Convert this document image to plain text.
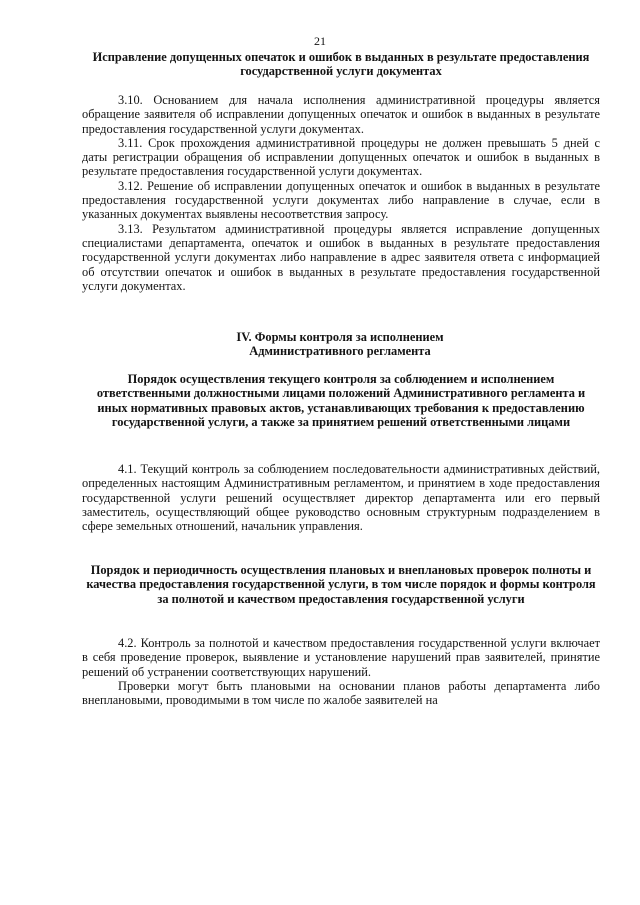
21

Исправление допущенных опечаток и ошибок в выданных в результате предоставления государственной услуги документах

3.10. Основанием для начала исполнения административной процедуры является обращение заявителя об исправлении допущенных опечаток и ошибок в выданных в результате предоставления государственной услуги документах.

3.11. Срок прохождения административной процедуры не должен превышать 5 дней с даты регистрации обращения об исправлении допущенных опечаток и ошибок в выданных в результате предоставления государственной услуги документах.

3.12. Решение об исправлении допущенных опечаток и ошибок в выданных в результате предоставления государственной услуги документах либо направление в случае, если в указанных документах выявлены несоответствия запросу.

3.13. Результатом административной процедуры является исправление допущенных специалистами департамента, опечаток и ошибок в выданных в результате предоставления государственной услуги документах либо направление в адрес заявителя ответа с информацией об отсутствии опечаток и ошибок в выданных в результате предоставления государственной услуги документах.

IV. Формы контроля за исполнением Административного регламента

Порядок осуществления текущего контроля за соблюдением и исполнением ответственными должностными лицами положений Административного регламента и иных нормативных правовых актов, устанавливающих требования к предоставлению государственной услуги, а также за принятием решений ответственными лицами

4.1. Текущий контроль за соблюдением последовательности административных действий, определенных настоящим Административным регламентом, и принятием в ходе предоставления государственной услуги решений осуществляет директор департамента или его первый заместитель, осуществляющий общее руководство основным структурным подразделением в сфере земельных отношений, начальник управления.

Порядок и периодичность осуществления плановых и внеплановых проверок полноты и качества предоставления государственной услуги, в том числе порядок и формы контроля за полнотой и качеством предоставления государственной услуги

4.2. Контроль за полнотой и качеством предоставления государственной услуги включает в себя проведение проверок, выявление и установление нарушений прав заявителей, принятие решений об устранении соответствующих нарушений.

Проверки могут быть плановыми на основании планов работы департамента либо внеплановыми, проводимыми в том числе по жалобе заявителей на
